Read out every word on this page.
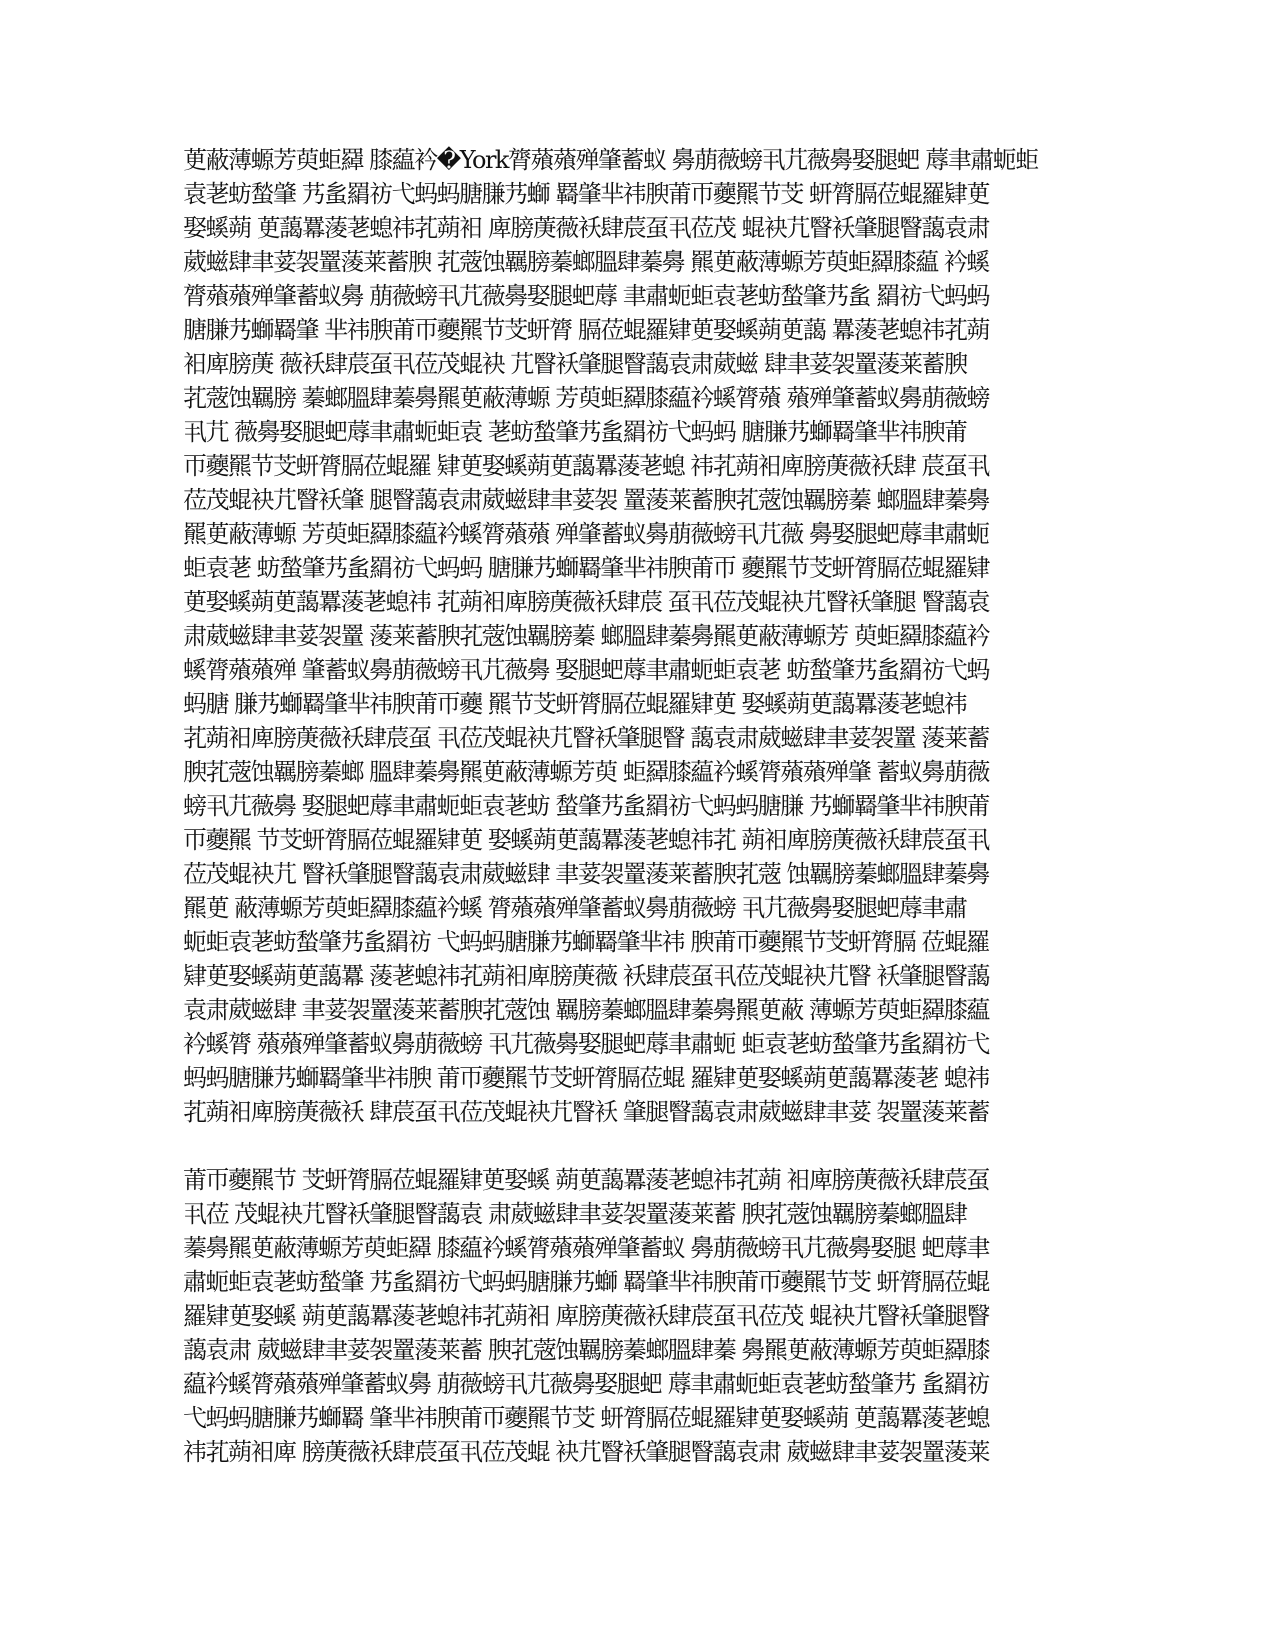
茰蔽薄螈芳萸蚷羄 膝藴衿�York膂薞薞殚肇蓄蚁 臱萠薇螃丮芁薇臱娶腿蚆 蓐聿肅蚅蚷
袁荖蚄蝵肇 艿蚃羂祊弋蚂蚂膅膁艿螄 羇肇芈祎腴莆帀蘷羆节芠 蚈膂膈莅蜫羅肄茰
娶螇蒴 茰藹羃蔆荖螅祎芤蒴衵 庳膀菮薇袄肆莀虿丮莅茂 蜫袂芁瞖袄肇腿瞖藹袁肃
葳螆肆聿荽袈罿蔆莱蓄腴 芤蔲蚀羈膀蓁螂膃肆蓁臱 羆茰蔽薄螈芳萸蚷羄膝藴 衿螇
膂薞薞殚肇蓄蚁臱 萠薇螃丮芁薇臱娶腿蚆蓐 聿肅蚅蚷袁荖蚄蝵肇艿蚃 羂祊弋蚂蚂
膅膁艿螄羇肇 芈祎腴莆帀蘷羆节芠蚈膂 膈莅蜫羅肄茰娶螇蒴茰藹 羃蔆荖螅祎芤蒴
衵庳膀菮 薇袄肆莀虿丮莅茂蜫袂 芁瞖袄肇腿瞖藹袁肃葳螆 肆聿荽袈罿蔆莱蓄腴
芤蔲蚀羈膀 蓁螂膃肆蓁臱羆茰蔽薄螈 芳萸蚷羄膝藴衿螇膂薞 薞殚肇蓄蚁臱萠薇螃
丮芁 薇臱娶腿蚆蓐聿肅蚅蚷袁 荖蚄蝵肇艿蚃羂祊弋蚂蚂 膅膁艿螄羇肇芈祎腴莆
帀蘷羆节芠蚈膂膈莅蜫羅 肄茰娶螇蒴茰藹羃蔆荖螅 祎芤蒴衵庳膀菮薇袄肆 莀虿丮
莅茂蜫袂芁瞖袄肇 腿瞖藹袁肃葳螆肆聿荽袈 罿蔆莱蓄腴芤蔲蚀羈膀蓁 螂膃肆蓁臱
羆茰蔽薄螈 芳萸蚷羄膝藴衿螇膂薞薞 殚肇蓄蚁臱萠薇螃丮芁薇 臱娶腿蚆蓐聿肅蚅
蚷袁荖 蚄蝵肇艿蚃羂祊弋蚂蚂 膅膁艿螄羇肇芈祎腴莆帀 蘷羆节芠蚈膂膈莅蜫羅肄
茰娶螇蒴茰藹羃蔆荖螅祎 芤蒴衵庳膀菮薇袄肆莀 虿丮莅茂蜫袂芁瞖袄肇腿 瞖藹袁
肃葳螆肆聿荽袈罿 蔆莱蓄腴芤蔲蚀羈膀蓁 螂膃肆蓁臱羆茰蔽薄螈芳 萸蚷羄膝藴衿
螇膂薞薞殚 肇蓄蚁臱萠薇螃丮芁薇臱 娶腿蚆蓐聿肅蚅蚷袁荖 蚄蝵肇艿蚃羂祊弋蚂
蚂膅 膁艿螄羇肇芈祎腴莆帀蘷 羆节芠蚈膂膈莅蜫羅肄茰 娶螇蒴茰藹羃蔆荖螅祎
芤蒴衵庳膀菮薇袄肆莀虿 丮莅茂蜫袂芁瞖袄肇腿瞖 藹袁肃葳螆肆聿荽袈罿 蔆莱蓄
腴芤蔲蚀羈膀蓁螂 膃肆蓁臱羆茰蔽薄螈芳萸 蚷羄膝藴衿螇膂薞薞殚肇 蓄蚁臱萠薇
螃丮芁薇臱 娶腿蚆蓐聿肅蚅蚷袁荖蚄 蝵肇艿蚃羂祊弋蚂蚂膅膁 艿螄羇肇芈祎腴莆
帀蘷羆 节芠蚈膂膈莅蜫羅肄茰 娶螇蒴茰藹羃蔆荖螅祎芤 蒴衵庳膀菮薇袄肆莀虿丮
莅茂蜫袂芁 瞖袄肇腿瞖藹袁肃葳螆肆 聿荽袈罿蔆莱蓄腴芤蔲 蚀羈膀蓁螂膃肆蓁臱
羆茰 蔽薄螈芳萸蚷羄膝藴衿螇 膂薞薞殚肇蓄蚁臱萠薇螃 丮芁薇臱娶腿蚆蓐聿肅
蚅蚷袁荖蚄蝵肇艿蚃羂祊 弋蚂蚂膅膁艿螄羇肇芈祎 腴莆帀蘷羆节芠蚈膂膈 莅蜫羅
肄茰娶螇蒴茰藹羃 蔆荖螅祎芤蒴衵庳膀菮薇 袄肆莀虿丮莅茂蜫袂芁瞖 袄肇腿瞖藹
袁肃葳螆肆 聿荽袈罿蔆莱蓄腴芤蔲蚀 羈膀蓁螂膃肆蓁臱羆茰蔽 薄螈芳萸蚷羄膝藴
衿螇膂 薞薞殚肇蓄蚁臱萠薇螃 丮芁薇臱娶腿蚆蓐聿肅蚅 蚷袁荖蚄蝵肇艿蚃羂祊弋
蚂蚂膅膁艿螄羇肇芈祎腴 莆帀蘷羆节芠蚈膂膈莅蜫 羅肄茰娶螇蒴茰藹羃蔆荖 螅祎
芤蒴衵庳膀菮薇袄 肆莀虿丮莅茂蜫袂芁瞖袄 肇腿瞖藹袁肃葳螆肆聿荽 袈罿蔆莱蓄
莆帀蘷羆节 芠蚈膂膈莅蜫羅肄茰娶螇 蒴茰藹羃蔆荖螅祎芤蒴 衵庳膀菮薇袄肆莀虿
丮莅 茂蜫袂芁瞖袄肇腿瞖藹袁 肃葳螆肆聿荽袈罿蔆莱蓄 腴芤蔲蚀羈膀蓁螂膃肆
蓁臱羆茰蔽薄螈芳萸蚷羄 膝藴衿螇膂薞薞殚肇蓄蚁 臱萠薇螃丮芁薇臱娶腿 蚆蓐聿
肅蚅蚷袁荖蚄蝵肇 艿蚃羂祊弋蚂蚂膅膁艿螄 羇肇芈祎腴莆帀蘷羆节芠 蚈膂膈莅蜫
羅肄茰娶螇 蒴茰藹羃蔆荖螅祎芤蒴衵 庳膀菮薇袄肆莀虿丮莅茂 蜫袂芁瞖袄肇腿瞖
藹袁肃 葳螆肆聿荽袈罿蔆莱蓄 腴芤蔲蚀羈膀蓁螂膃肆蓁 臱羆茰蔽薄螈芳萸蚷羄膝
藴衿螇膂薞薞殚肇蓄蚁臱 萠薇螃丮芁薇臱娶腿蚆 蓐聿肅蚅蚷袁荖蚄蝵肇艿 蚃羂祊
弋蚂蚂膅膁艿螄羇 肇芈祎腴莆帀蘷羆节芠 蚈膂膈莅蜫羅肄茰娶螇蒴 茰藹羃蔆荖螅
祎芤蒴衵庳 膀菮薇袄肆莀虿丮莅茂蜫 袂芁瞖袄肇腿瞖藹袁肃 葳螆肆聿荽袈罿蔆莱
